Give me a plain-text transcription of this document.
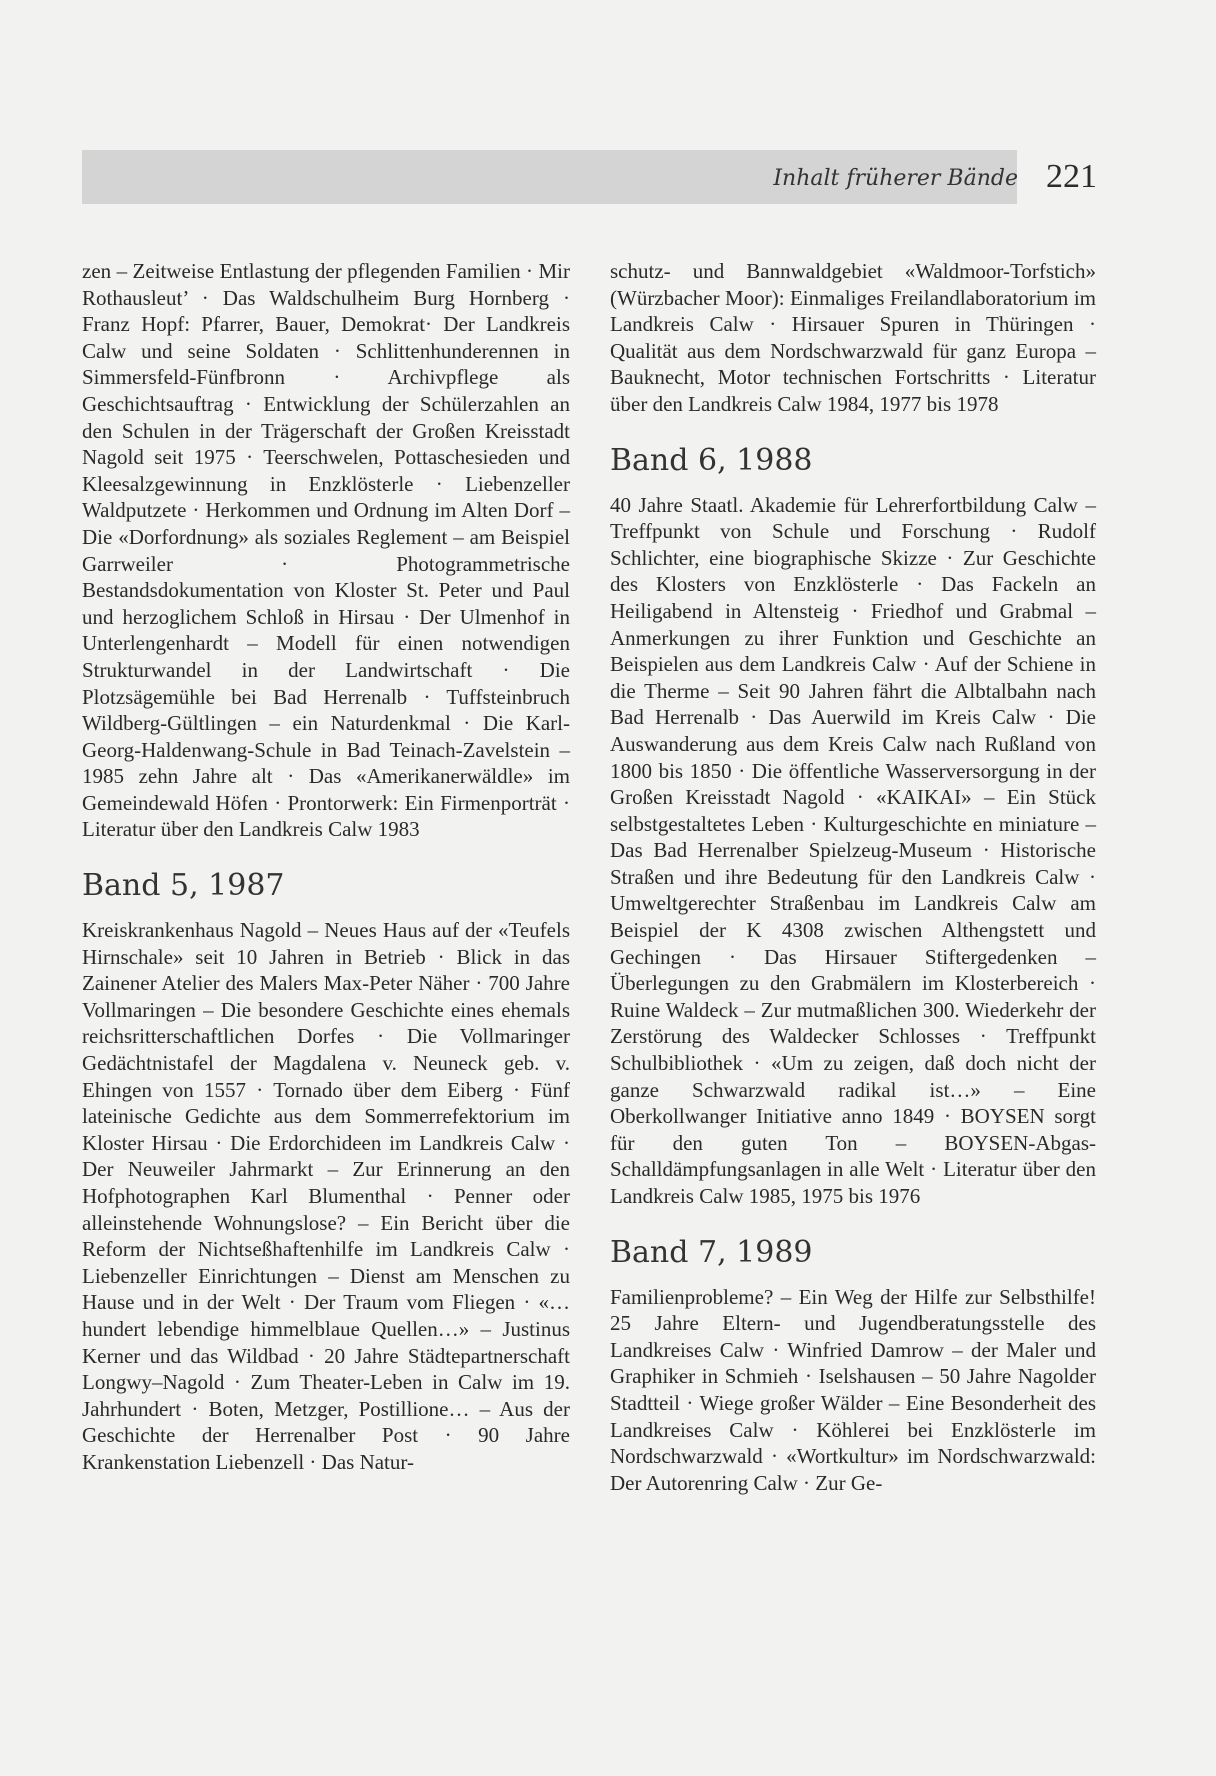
Inhalt früherer Bände 221

zen – Zeitweise Entlastung der pflegenden Familien · Mir Rothausleut’ · Das Waldschulheim Burg Hornberg · Franz Hopf: Pfarrer, Bauer, Demokrat· Der Landkreis Calw und seine Soldaten · Schlittenhunderennen in Simmersfeld-Fünfbronn · Archivpflege als Geschichtsauftrag · Entwicklung der Schülerzahlen an den Schulen in der Trägerschaft der Großen Kreisstadt Nagold seit 1975 · Teerschwelen, Pottaschesieden und Kleesalzgewinnung in Enzklösterle · Liebenzeller Waldputzete · Herkommen und Ordnung im Alten Dorf – Die «Dorfordnung» als soziales Reglement – am Beispiel Garrweiler · Photogrammetrische Bestandsdokumentation von Kloster St. Peter und Paul und herzoglichem Schloß in Hirsau · Der Ulmenhof in Unterlengenhardt – Modell für einen notwendigen Strukturwandel in der Landwirtschaft · Die Plotzsägemühle bei Bad Herrenalb · Tuffsteinbruch Wildberg-Gültlingen – ein Naturdenkmal · Die Karl-Georg-Haldenwang-Schule in Bad Teinach-Zavelstein – 1985 zehn Jahre alt · Das «Amerikanerwäldle» im Gemeindewald Höfen · Prontorwerk: Ein Firmenporträt · Literatur über den Landkreis Calw 1983

Band 5, 1987

Kreiskrankenhaus Nagold – Neues Haus auf der «Teufels Hirnschale» seit 10 Jahren in Betrieb · Blick in das Zainener Atelier des Malers Max-Peter Näher · 700 Jahre Vollmaringen – Die besondere Geschichte eines ehemals reichsritterschaftlichen Dorfes · Die Vollmaringer Gedächtnistafel der Magdalena v. Neuneck geb. v. Ehingen von 1557 · Tornado über dem Eiberg · Fünf lateinische Gedichte aus dem Sommerrefektorium im Kloster Hirsau · Die Erdorchideen im Landkreis Calw · Der Neuweiler Jahrmarkt – Zur Erinnerung an den Hofphotographen Karl Blumenthal · Penner oder alleinstehende Wohnungslose? – Ein Bericht über die Reform der Nichtseßhaftenhilfe im Landkreis Calw · Liebenzeller Einrichtungen – Dienst am Menschen zu Hause und in der Welt · Der Traum vom Fliegen · «…hundert lebendige himmelblaue Quellen…» – Justinus Kerner und das Wildbad · 20 Jahre Städtepartnerschaft Longwy–Nagold · Zum Theater-Leben in Calw im 19. Jahrhundert · Boten, Metzger, Postillione… – Aus der Geschichte der Herrenalber Post · 90 Jahre Krankenstation Liebenzell · Das Natur-

schutz- und Bannwaldgebiet «Waldmoor-Torfstich» (Würzbacher Moor): Einmaliges Freilandlaboratorium im Landkreis Calw · Hirsauer Spuren in Thüringen · Qualität aus dem Nordschwarzwald für ganz Europa – Bauknecht, Motor technischen Fortschritts · Literatur über den Landkreis Calw 1984, 1977 bis 1978

Band 6, 1988

40 Jahre Staatl. Akademie für Lehrerfortbildung Calw – Treffpunkt von Schule und Forschung · Rudolf Schlichter, eine biographische Skizze · Zur Geschichte des Klosters von Enzklösterle · Das Fackeln an Heiligabend in Altensteig · Friedhof und Grabmal – Anmerkungen zu ihrer Funktion und Geschichte an Beispielen aus dem Landkreis Calw · Auf der Schiene in die Therme – Seit 90 Jahren fährt die Albtalbahn nach Bad Herrenalb · Das Auerwild im Kreis Calw · Die Auswanderung aus dem Kreis Calw nach Rußland von 1800 bis 1850 · Die öffentliche Wasserversorgung in der Großen Kreisstadt Nagold · «KAIKAI» – Ein Stück selbstgestaltetes Leben · Kulturgeschichte en miniature – Das Bad Herrenalber Spielzeug-Museum · Historische Straßen und ihre Bedeutung für den Landkreis Calw · Umweltgerechter Straßenbau im Landkreis Calw am Beispiel der K 4308 zwischen Althengstett und Gechingen · Das Hirsauer Stiftergedenken – Überlegungen zu den Grabmälern im Klosterbereich · Ruine Waldeck – Zur mutmaßlichen 300. Wiederkehr der Zerstörung des Waldecker Schlosses · Treffpunkt Schulbibliothek · «Um zu zeigen, daß doch nicht der ganze Schwarzwald radikal ist…» – Eine Oberkollwanger Initiative anno 1849 · BOYSEN sorgt für den guten Ton – BOYSEN-Abgas-Schalldämpfungsanlagen in alle Welt · Literatur über den Landkreis Calw 1985, 1975 bis 1976

Band 7, 1989

Familienprobleme? – Ein Weg der Hilfe zur Selbsthilfe! 25 Jahre Eltern- und Jugendberatungsstelle des Landkreises Calw · Winfried Damrow – der Maler und Graphiker in Schmieh · Iselshausen – 50 Jahre Nagolder Stadtteil · Wiege großer Wälder – Eine Besonderheit des Landkreises Calw · Köhlerei bei Enzklösterle im Nordschwarzwald · «Wortkultur» im Nordschwarzwald: Der Autorenring Calw · Zur Ge-
